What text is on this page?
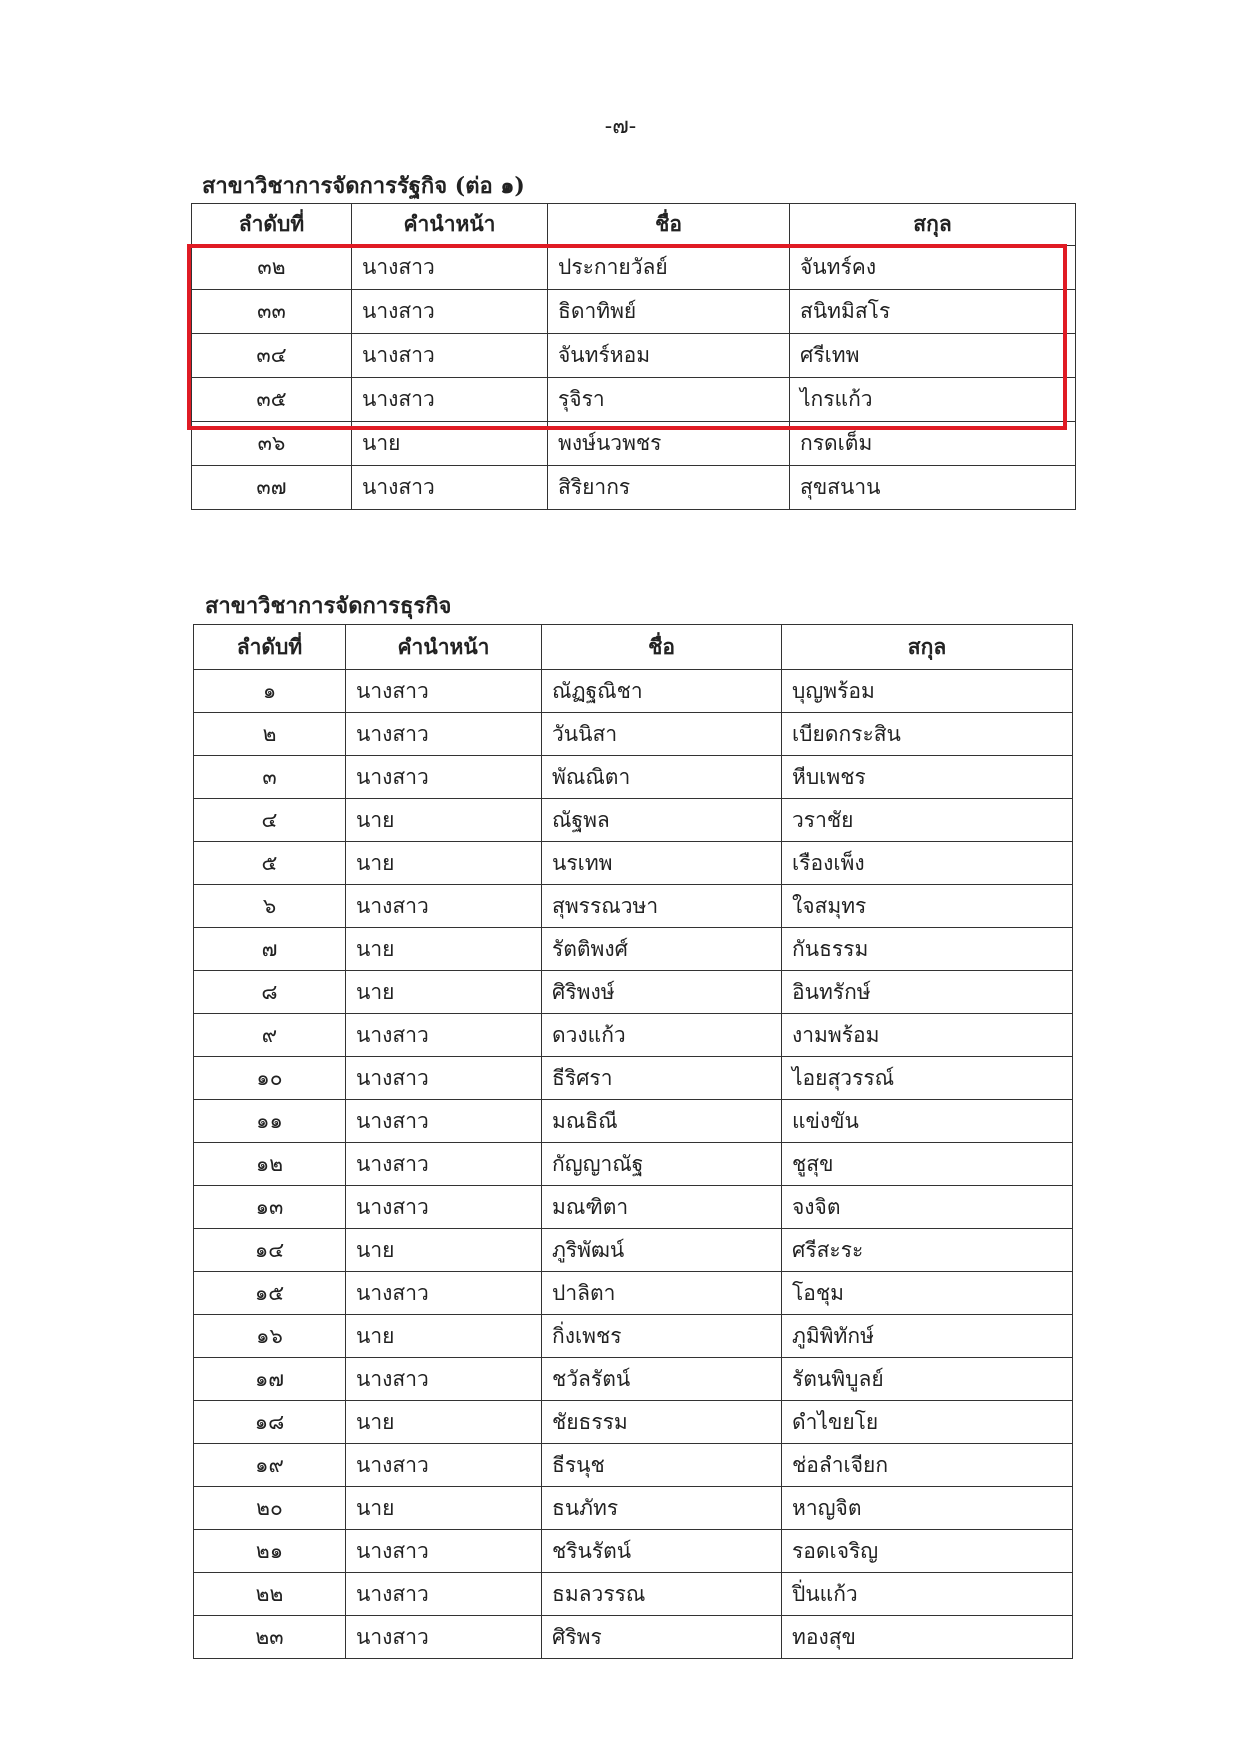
-๗-
สาขาวิชาการจัดการรัฐกิจ (ต่อ ๑)
ลำดับที่	คำนำหน้า	ชื่อ	สกุล
๓๒	นางสาว	ประกายวัลย์	จันทร์คง
๓๓	นางสาว	ธิดาทิพย์	สนิทมิสโร
๓๔	นางสาว	จันทร์หอม	ศรีเทพ
๓๕	นางสาว	รุจิรา	ไกรแก้ว
๓๖	นาย	พงษ์นวพชร	กรดเต็ม
๓๗	นางสาว	สิริยากร	สุขสนาน
สาขาวิชาการจัดการธุรกิจ
ลำดับที่	คำนำหน้า	ชื่อ	สกุล
๑	นางสาว	ณัฏฐณิชา	บุญพร้อม
๒	นางสาว	วันนิสา	เบียดกระสิน
๓	นางสาว	พัณณิตา	หีบเพชร
๔	นาย	ณัฐพล	วราชัย
๕	นาย	นรเทพ	เรืองเพ็ง
๖	นางสาว	สุพรรณวษา	ใจสมุทร
๗	นาย	รัตติพงศ์	กันธรรม
๘	นาย	ศิริพงษ์	อินทรักษ์
๙	นางสาว	ดวงแก้ว	งามพร้อม
๑๐	นางสาว	ธีริศรา	ไอยสุวรรณ์
๑๑	นางสาว	มณธิณี	แข่งขัน
๑๒	นางสาว	กัญญาณัฐ	ชูสุข
๑๓	นางสาว	มณฑิตา	จงจิต
๑๔	นาย	ภูริพัฒน์	ศรีสะระ
๑๕	นางสาว	ปาลิตา	โอชุม
๑๖	นาย	กิ่งเพชร	ภูมิพิทักษ์
๑๗	นางสาว	ชวัลรัตน์	รัตนพิบูลย์
๑๘	นาย	ชัยธรรม	ดำไขยโย
๑๙	นางสาว	ธีรนุช	ช่อลำเจียก
๒๐	นาย	ธนภัทร	หาญจิต
๒๑	นางสาว	ชรินรัตน์	รอดเจริญ
๒๒	นางสาว	ธมลวรรณ	ปิ่นแก้ว
๒๓	นางสาว	ศิริพร	ทองสุข
